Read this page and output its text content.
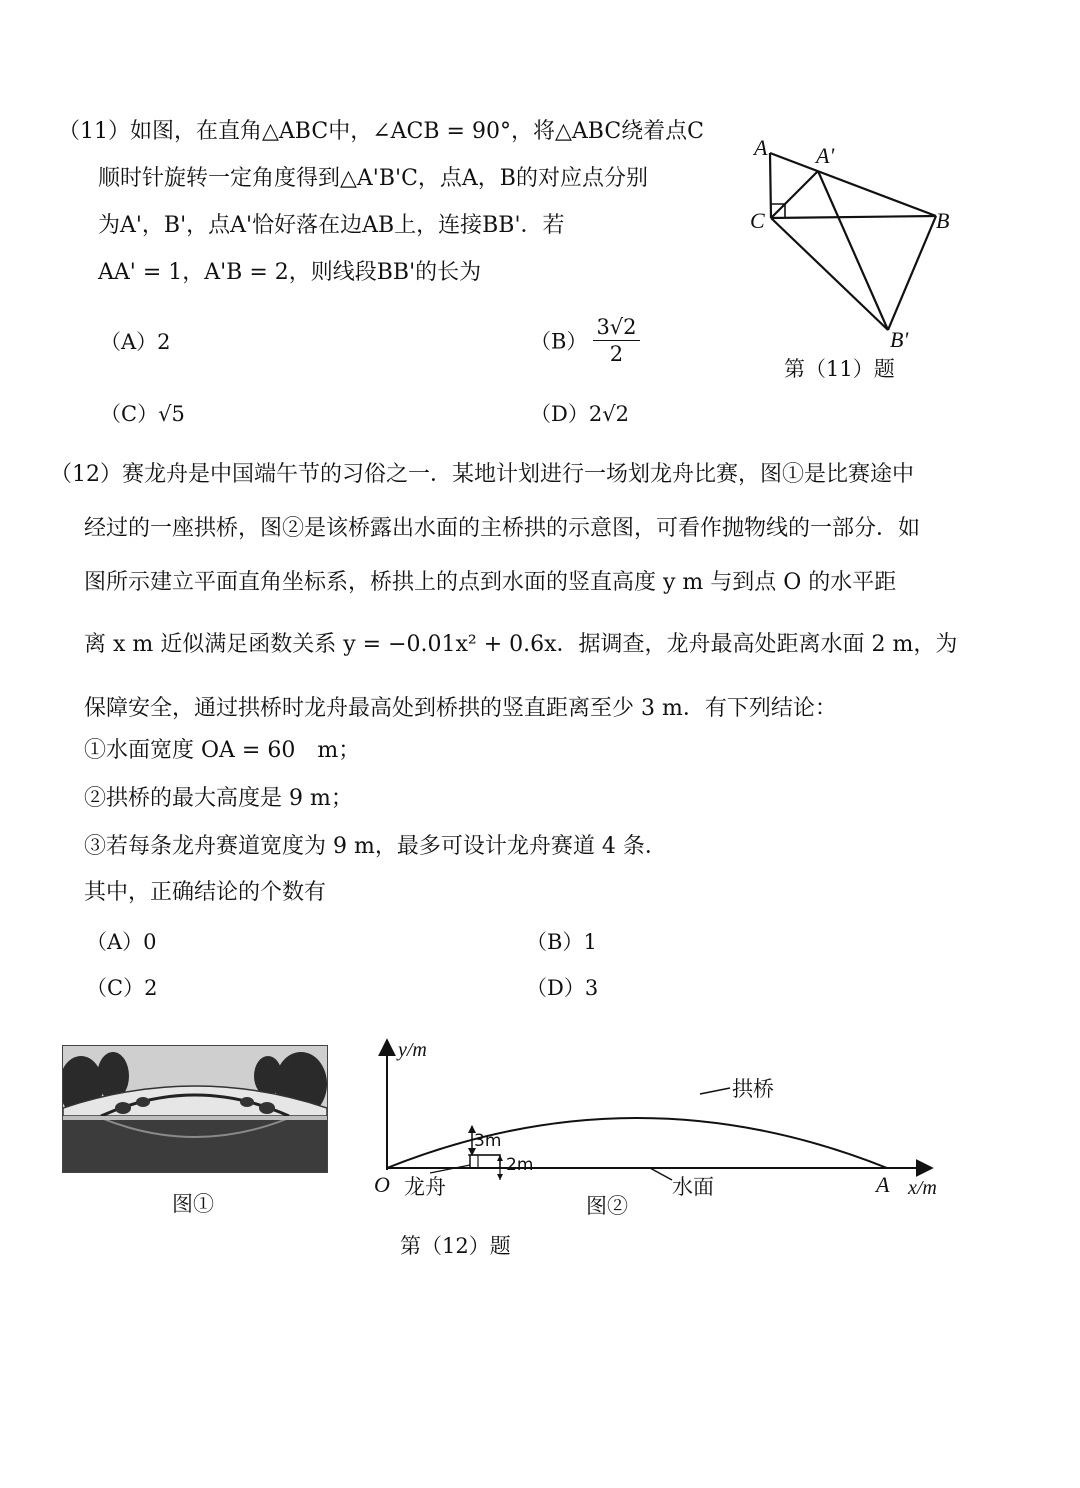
（11）如图，在直角△ABC中，∠ACB = 90°，将△ABC绕着点C
顺时针旋转一定角度得到△A'B'C，点A，B的对应点分别
为A'，B'，点A'恰好落在边AB上，连接BB'．若
AA' = 1，A'B = 2，则线段BB'的长为
（A）2	$(B) \frac{3√2}{2}$
（C）√5	（D）2√2
A A'
C	B
B'
第（11）题
（12）赛龙舟是中国端午节的习俗之一．某地计划进行一场划龙舟比赛，图①是比赛途中
经过的一座拱桥，图②是该桥露出水面的主桥拱的示意图，可看作抛物线的一部分．如
图所示建立平面直角坐标系，桥拱上的点到水面的竖直高度 y m 与到点 O 的水平距
离 x m 近似满足函数关系 y = −0.01x² + 0.6x．据调查，龙舟最高处距离水面 2 m，为
保障安全，通过拱桥时龙舟最高处到桥拱的竖直距离至少 3 m．有下列结论：
①水面宽度 OA = 60　m；
②拱桥的最大高度是 9 m；
③若每条龙舟赛道宽度为 9 m，最多可设计龙舟赛道 4 条．
其中，正确结论的个数有
（A）0	（B）1
（C）2	（D）3
图①
y/m
x/m
O	A
拱桥
水面
龙舟
3m
2m
图②
第（12）题
